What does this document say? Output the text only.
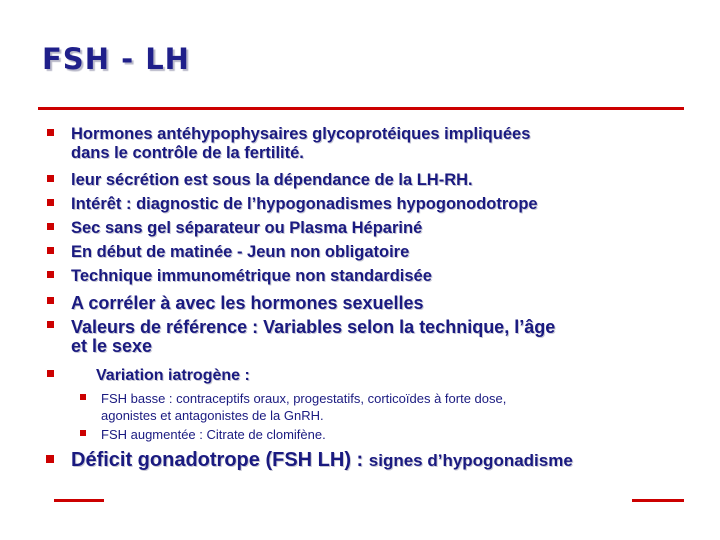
FSH - LH
Hormones antéhypophysaires glycoprotéiques impliquées
dans le contrôle de la fertilité.
leur sécrétion est sous la dépendance de la LH-RH.
Intérêt : diagnostic de l’hypogonadismes hypogonodotrope
Sec sans gel séparateur ou Plasma Hépariné
En début de matinée - Jeun non obligatoire
Technique immunométrique non standardisée
A corréler à avec les hormones sexuelles
Valeurs de référence : Variables selon la technique, l’âge
et le sexe
Variation iatrogène :
FSH basse : contraceptifs oraux, progestatifs, corticoïdes à forte dose,
agonistes et antagonistes de la GnRH.
FSH augmentée : Citrate de clomifène.
Déficit gonadotrope (FSH LH) : signes d’hypogonadisme
